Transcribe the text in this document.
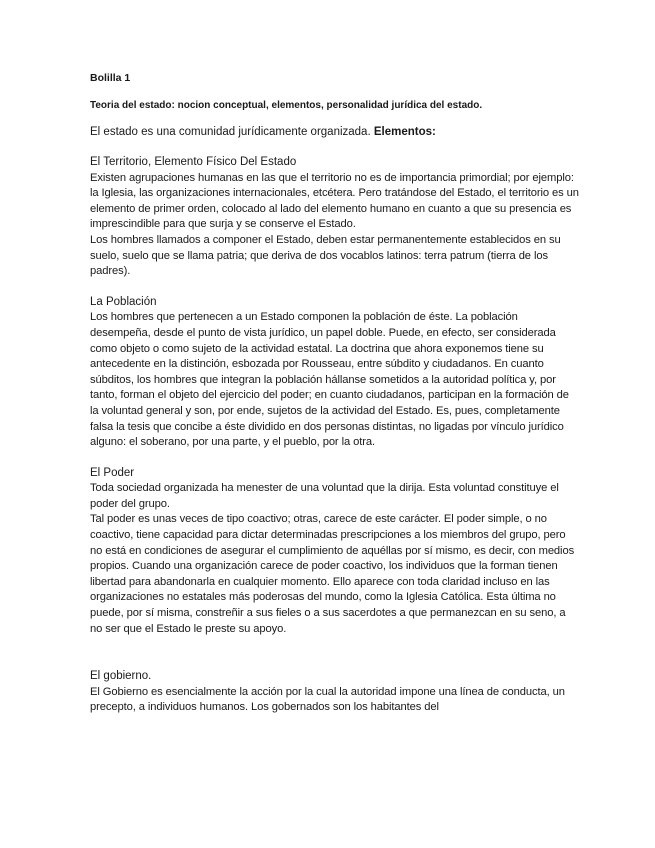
Bolilla 1

Teoria del estado: nocion conceptual, elementos, personalidad jurídica del estado.

El estado es una comunidad jurídicamente organizada. Elementos:

El Territorio, Elemento Físico Del Estado

Existen agrupaciones humanas en las que el territorio no es de importancia primordial; por ejemplo: la Iglesia, las organizaciones internacionales, etcétera. Pero tratándose del Estado, el territorio es un elemento de primer orden, colocado al lado del elemento humano en cuanto a que su presencia es imprescindible para que surja y se conserve el Estado.

Los hombres llamados a componer el Estado, deben estar permanentemente establecidos en su suelo, suelo que se llama patria; que deriva de dos vocablos latinos: terra patrum (tierra de los padres).

La Población

Los hombres que pertenecen a un Estado componen la población de éste. La población desempeña, desde el punto de vista jurídico, un papel doble. Puede, en efecto, ser considerada como objeto o como sujeto de la actividad estatal. La doctrina que ahora exponemos tiene su antecedente en la distinción, esbozada por Rousseau, entre súbdito y ciudadanos. En cuanto súbditos, los hombres que integran la población hállanse sometidos a la autoridad política y, por tanto, forman el objeto del ejercicio del poder; en cuanto ciudadanos, participan en la formación de la voluntad general y son, por ende, sujetos de la actividad del Estado. Es, pues, completamente falsa la tesis que concibe a éste dividido en dos personas distintas, no ligadas por vínculo jurídico alguno: el soberano, por una parte, y el pueblo, por la otra.

El Poder

Toda sociedad organizada ha menester de una voluntad que la dirija. Esta voluntad constituye el poder del grupo.

Tal poder es unas veces de tipo coactivo; otras, carece de este carácter. El poder simple, o no coactivo, tiene capacidad para dictar determinadas prescripciones a los miembros del grupo, pero no está en condiciones de asegurar el cumplimiento de aquéllas por sí mismo, es decir, con medios propios. Cuando una organización carece de poder coactivo, los individuos que la forman tienen libertad para abandonarla en cualquier momento. Ello aparece con toda claridad incluso en las organizaciones no estatales más poderosas del mundo, como la Iglesia Católica. Esta última no puede, por sí misma, constreñir a sus fieles o a sus sacerdotes a que permanezcan en su seno, a no ser que el Estado le preste su apoyo.

El gobierno.

El Gobierno es esencialmente la acción por la cual la autoridad impone una línea de conducta, un precepto, a individuos humanos. Los gobernados son los habitantes del
